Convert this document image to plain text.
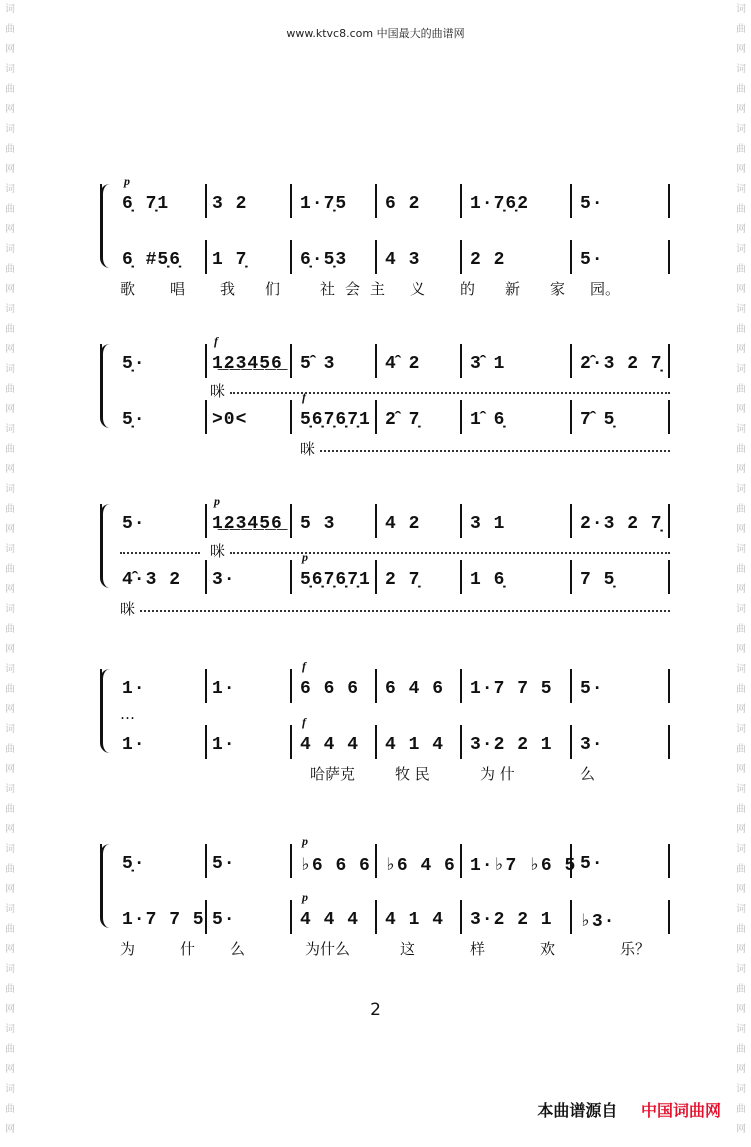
词曲网词曲网词曲网词曲网词曲网词曲网词曲网词曲网词曲网词曲网词曲网词曲网词曲网词曲网词曲网词曲网词曲网词曲网词曲网
词曲网词曲网词曲网词曲网词曲网词曲网词曲网词曲网词曲网词曲网词曲网词曲网词曲网词曲网词曲网词曲网词曲网词曲网词曲网
www.ktvc8.com 中国最大的曲谱网
6̣ 7̣1 3 2	1·7̣5 6 2	1·7̣6̣2	5·
p
6̣ #5̣6̣ 1 7̣	6̣·5̣3 4 3	2 2	5·
歌 唱 我 们	社 会 主 义 的 新 家 园。
5̣·	1̲2̲3̲4̲5̲6̲ 5̂ 3	4̂ 2	3̂ 1	2̂·3 2 7̣
f
5̣·	>0<	5̣6̣7̣6̣7̣1 2̂ 7̣	1̂ 6̣	7̂ 5̣
f
咪
咪
5·	1̲2̲3̲4̲5̲6̲ 5 3	4 2	3 1	2·3 2 7̣
p
4̂·3 2 3·	5̣6̣7̣6̣7̣1 2 7̣	1 6̣	7 5̣
p
咪
咪
1·	1·	6 6 6 6 4 6 1·7 7 5 5·
f
1·	1·	4 4 4 4 1 4 3·2 2 1 3·
f
…
哈萨克	牧 民	为 什	么
5̣·	5·	♭6 6 6 ♭6 4 6 1·♭7 ♭6 5 5·
p
1·7 7 5 5·	4 4 4 4 1 4 3·2 2 1 ♭3·
p
为	什 么	为什么	这	样	欢	乐？
2
本曲谱源自 中国词曲网
